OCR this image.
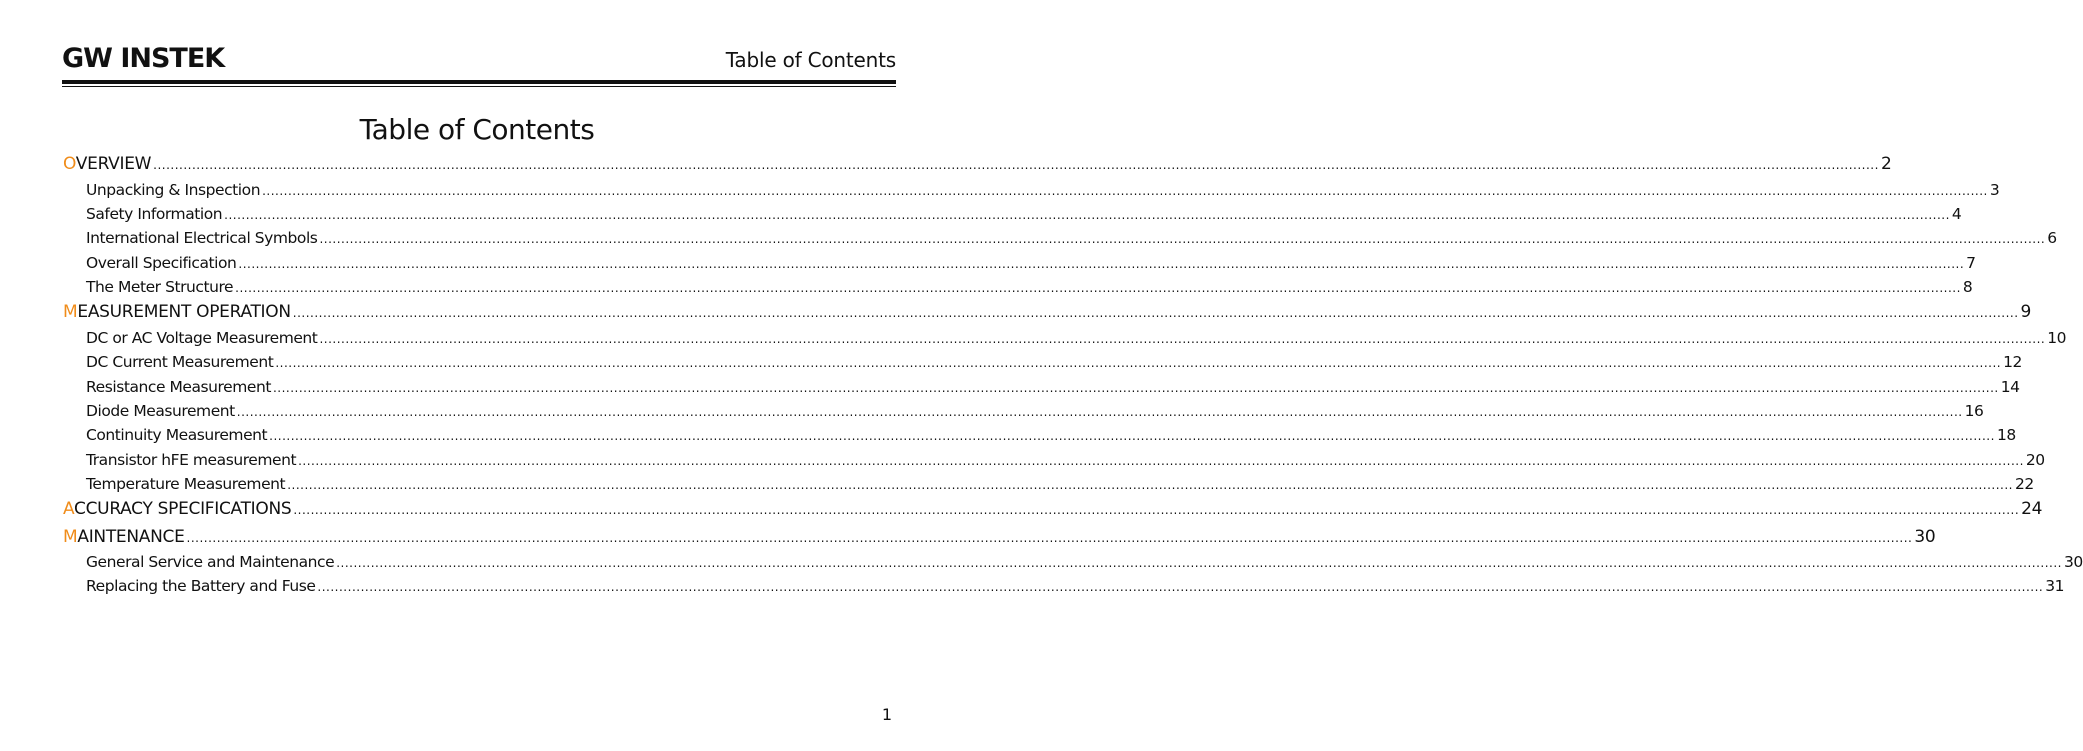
GW INSTEK	Table of Contents
Table of Contents
OVERVIEW ................................................................................................................................................................................................................................................................................................................................................................................................................ 2
Unpacking & Inspection ................................................................................................................................................................................................................................................................................................................................................................................................................ 3
Safety Information ................................................................................................................................................................................................................................................................................................................................................................................................................ 4
International Electrical Symbols ................................................................................................................................................................................................................................................................................................................................................................................................................ 6
Overall Specification ................................................................................................................................................................................................................................................................................................................................................................................................................ 7
The Meter Structure ................................................................................................................................................................................................................................................................................................................................................................................................................ 8
MEASUREMENT OPERATION ................................................................................................................................................................................................................................................................................................................................................................................................................ 9
DC or AC Voltage Measurement ................................................................................................................................................................................................................................................................................................................................................................................................................ 10
DC Current Measurement ................................................................................................................................................................................................................................................................................................................................................................................................................ 12
Resistance Measurement ................................................................................................................................................................................................................................................................................................................................................................................................................ 14
Diode Measurement ................................................................................................................................................................................................................................................................................................................................................................................................................ 16
Continuity Measurement ................................................................................................................................................................................................................................................................................................................................................................................................................ 18
Transistor hFE measurement ................................................................................................................................................................................................................................................................................................................................................................................................................ 20
Temperature Measurement ................................................................................................................................................................................................................................................................................................................................................................................................................ 22
ACCURACY SPECIFICATIONS ................................................................................................................................................................................................................................................................................................................................................................................................................ 24
MAINTENANCE ................................................................................................................................................................................................................................................................................................................................................................................................................ 30
General Service and Maintenance ................................................................................................................................................................................................................................................................................................................................................................................................................ 30
Replacing the Battery and Fuse ................................................................................................................................................................................................................................................................................................................................................................................................................ 31
1
